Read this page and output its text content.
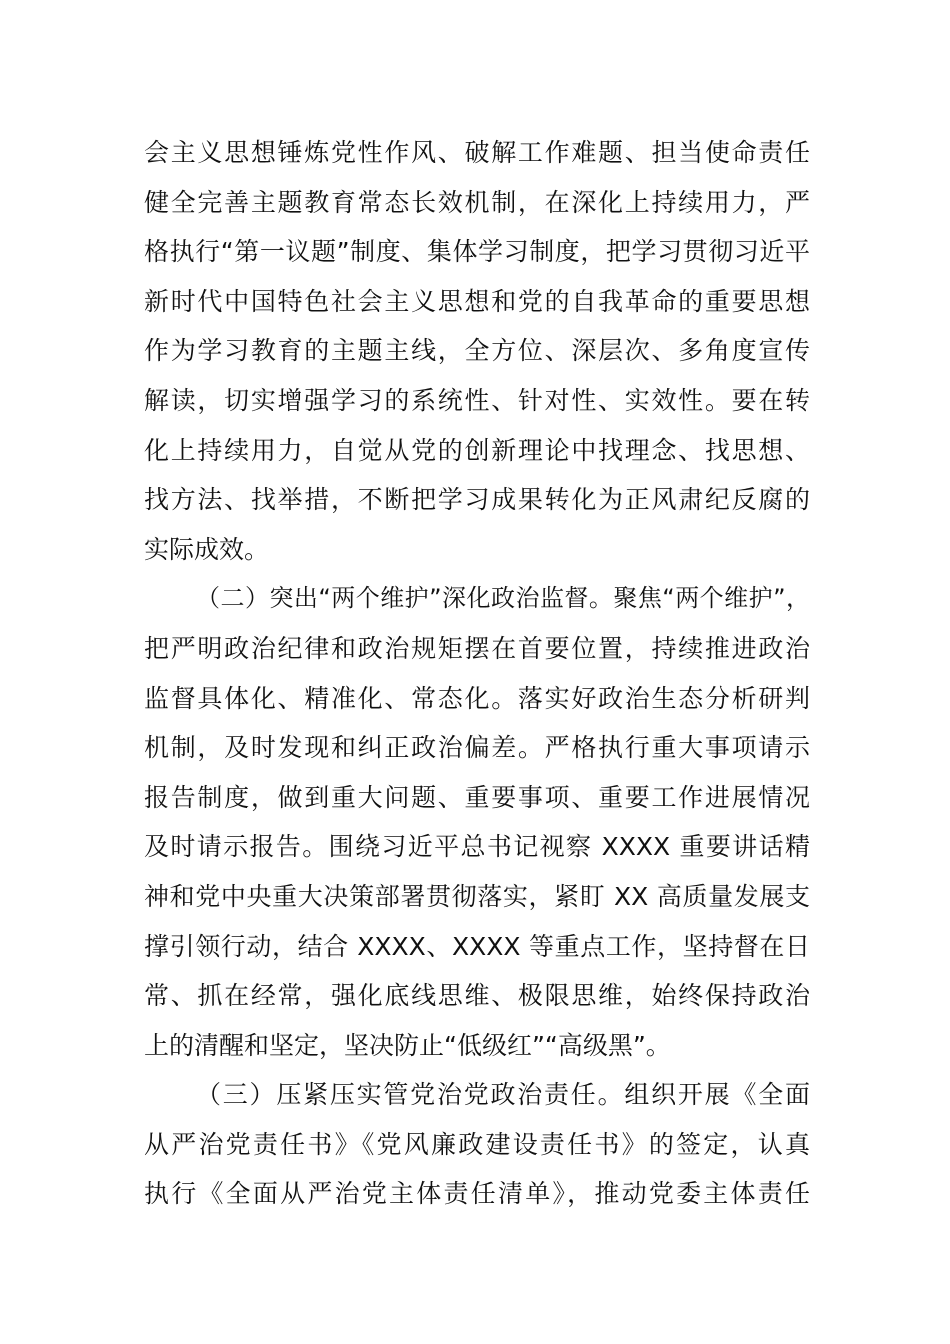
会主义思想锤炼党性作风、破解工作难题、担当使命责任
健全完善主题教育常态长效机制，在深化上持续用力，严
格执行“第一议题”制度、集体学习制度，把学习贯彻习近平
新时代中国特色社会主义思想和党的自我革命的重要思想
作为学习教育的主题主线，全方位、深层次、多角度宣传
解读，切实增强学习的系统性、针对性、实效性。要在转
化上持续用力，自觉从党的创新理论中找理念、找思想、
找方法、找举措，不断把学习成果转化为正风肃纪反腐的
实际成效。
（二）突出“两个维护”深化政治监督。聚焦“两个维护”，
把严明政治纪律和政治规矩摆在首要位置，持续推进政治
监督具体化、精准化、常态化。落实好政治生态分析研判
机制，及时发现和纠正政治偏差。严格执行重大事项请示
报告制度，做到重大问题、重要事项、重要工作进展情况
及时请示报告。围绕习近平总书记视察 XXXX 重要讲话精
神和党中央重大决策部署贯彻落实，紧盯 XX 高质量发展支
撑引领行动，结合 XXXX、XXXX 等重点工作，坚持督在日
常、抓在经常，强化底线思维、极限思维，始终保持政治
上的清醒和坚定，坚决防止“低级红”“高级黑”。
（三）压紧压实管党治党政治责任。组织开展《全面
从严治党责任书》《党风廉政建设责任书》的签定，认真
执行《全面从严治党主体责任清单》，推动党委主体责任
